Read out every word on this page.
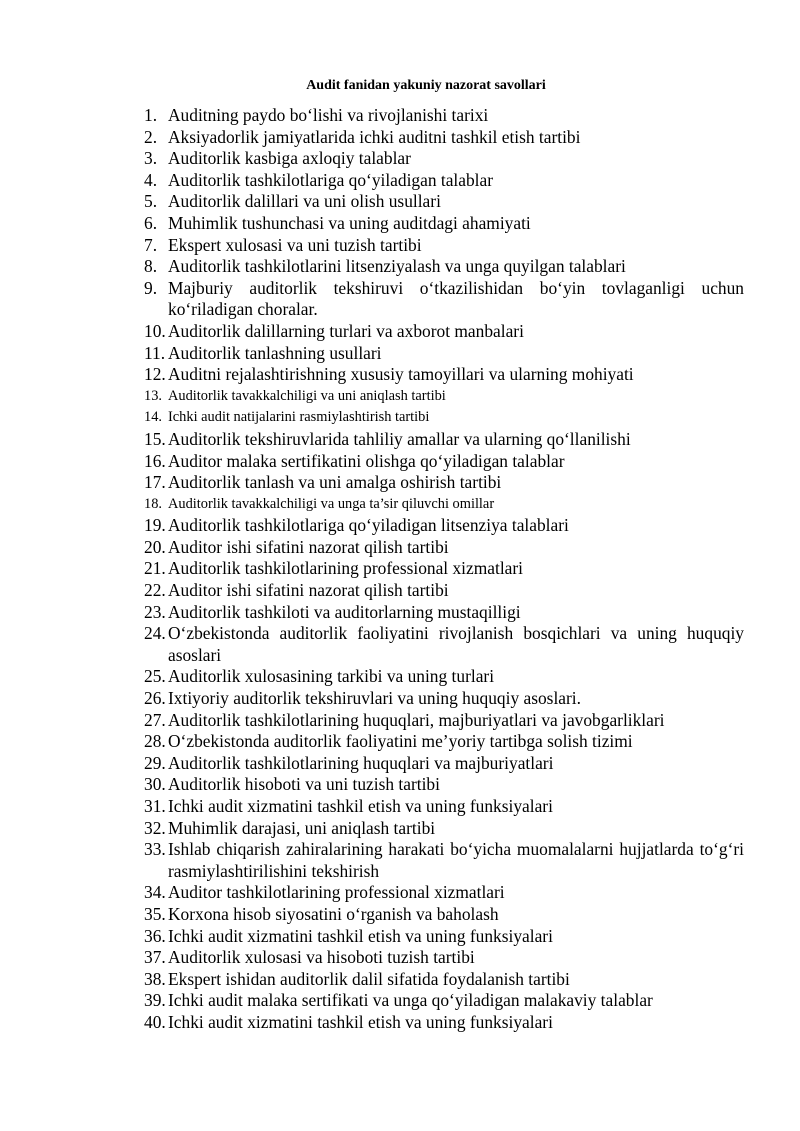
Audit fanidan yakuniy nazorat savollari
1. Auditning paydo bo‘lishi va rivojlanishi tarixi
2. Aksiyadorlik jamiyatlarida ichki auditni tashkil etish tartibi
3. Auditorlik kasbiga axloqiy talablar
4. Auditorlik tashkilotlariga qo‘yiladigan talablar
5. Auditorlik dalillari va uni olish usullari
6. Muhimlik tushunchasi va uning auditdagi ahamiyati
7. Ekspert xulosasi va uni tuzish tartibi
8. Auditorlik tashkilotlarini litsenziyalash va unga quyilgan talablari
9. Majburiy auditorlik tekshiruvi o‘tkazilishidan bo‘yin tovlaganligi uchun ko‘riladigan choralar.
10. Auditorlik dalillarning turlari va axborot manbalari
11. Auditorlik tanlashning usullari
12. Auditni rejalashtirishning xususiy tamoyillari va ularning mohiyati
13. Auditorlik tavakkalchiligi va uni aniqlash tartibi
14. Ichki audit natijalarini rasmiylashtirish tartibi
15. Auditorlik tekshiruvlarida tahliliy amallar va ularning qo‘llanilishi
16. Auditor malaka sertifikatini olishga qo‘yiladigan talablar
17. Auditorlik tanlash va uni amalga oshirish tartibi
18. Auditorlik tavakkalchiligi va unga ta’sir qiluvchi omillar
19. Auditorlik tashkilotlariga qo‘yiladigan litsenziya talablari
20. Auditor ishi sifatini nazorat qilish tartibi
21. Auditorlik tashkilotlarining professional xizmatlari
22. Auditor ishi sifatini nazorat qilish tartibi
23. Auditorlik tashkiloti va auditorlarning mustaqilligi
24. O‘zbekistonda auditorlik faoliyatini rivojlanish bosqichlari va uning huquqiy asoslari
25. Auditorlik xulosasining tarkibi va uning turlari
26. Ixtiyoriy auditorlik tekshiruvlari va uning huquqiy asoslari.
27. Auditorlik tashkilotlarining huquqlari, majburiyatlari va javobgarliklari
28. O‘zbekistonda auditorlik faoliyatini me’yoriy tartibga solish tizimi
29. Auditorlik tashkilotlarining huquqlari va majburiyatlari
30. Auditorlik hisoboti va uni tuzish tartibi
31. Ichki audit xizmatini tashkil etish va uning funksiyalari
32. Muhimlik darajasi, uni aniqlash tartibi
33. Ishlab chiqarish zahiralarining harakati bo‘yicha muomalalarni hujjatlarda to‘g‘ri rasmiylashtirilishini tekshirish
34. Auditor tashkilotlarining professional xizmatlari
35. Korxona hisob siyosatini o‘rganish va baholash
36. Ichki audit xizmatini tashkil etish va uning funksiyalari
37. Auditorlik xulosasi va hisoboti tuzish tartibi
38. Ekspert ishidan auditorlik dalil sifatida foydalanish tartibi
39. Ichki audit malaka sertifikati va unga qo‘yiladigan malakaviy talablar
40. Ichki audit xizmatini tashkil etish va uning funksiyalari
